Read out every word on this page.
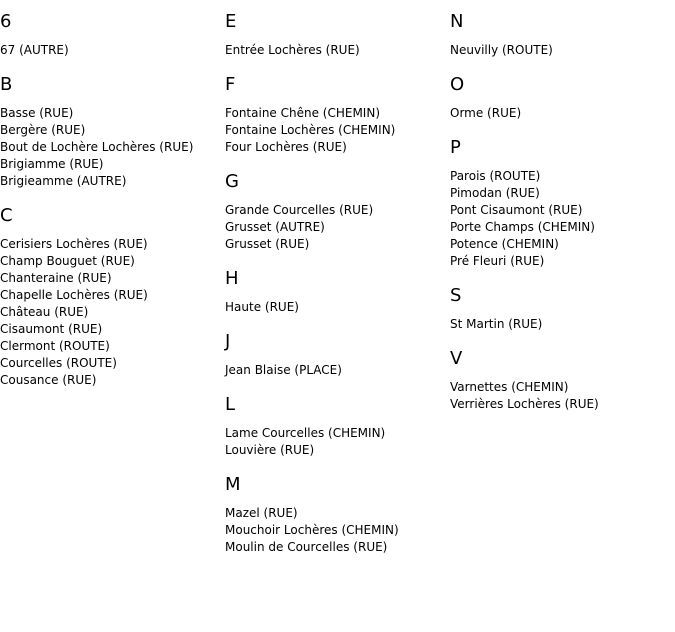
6
67 (AUTRE)
B
Basse (RUE)
Bergère (RUE)
Bout de Lochère Lochères (RUE)
Brigiamme (RUE)
Brigieamme (AUTRE)
C
Cerisiers Lochères (RUE)
Champ Bouguet (RUE)
Chanteraine (RUE)
Chapelle Lochères (RUE)
Château (RUE)
Cisaumont (RUE)
Clermont (ROUTE)
Courcelles (ROUTE)
Cousance (RUE)
E
Entrée Lochères (RUE)
F
Fontaine Chêne (CHEMIN)
Fontaine Lochères (CHEMIN)
Four Lochères (RUE)
G
Grande Courcelles (RUE)
Grusset (AUTRE)
Grusset (RUE)
H
Haute (RUE)
J
Jean Blaise (PLACE)
L
Lame Courcelles (CHEMIN)
Louvière (RUE)
M
Mazel (RUE)
Mouchoir Lochères (CHEMIN)
Moulin de Courcelles (RUE)
N
Neuvilly (ROUTE)
O
Orme (RUE)
P
Parois (ROUTE)
Pimodan (RUE)
Pont Cisaumont (RUE)
Porte Champs (CHEMIN)
Potence (CHEMIN)
Pré Fleuri (RUE)
S
St Martin (RUE)
V
Varnettes (CHEMIN)
Verrières Lochères (RUE)
